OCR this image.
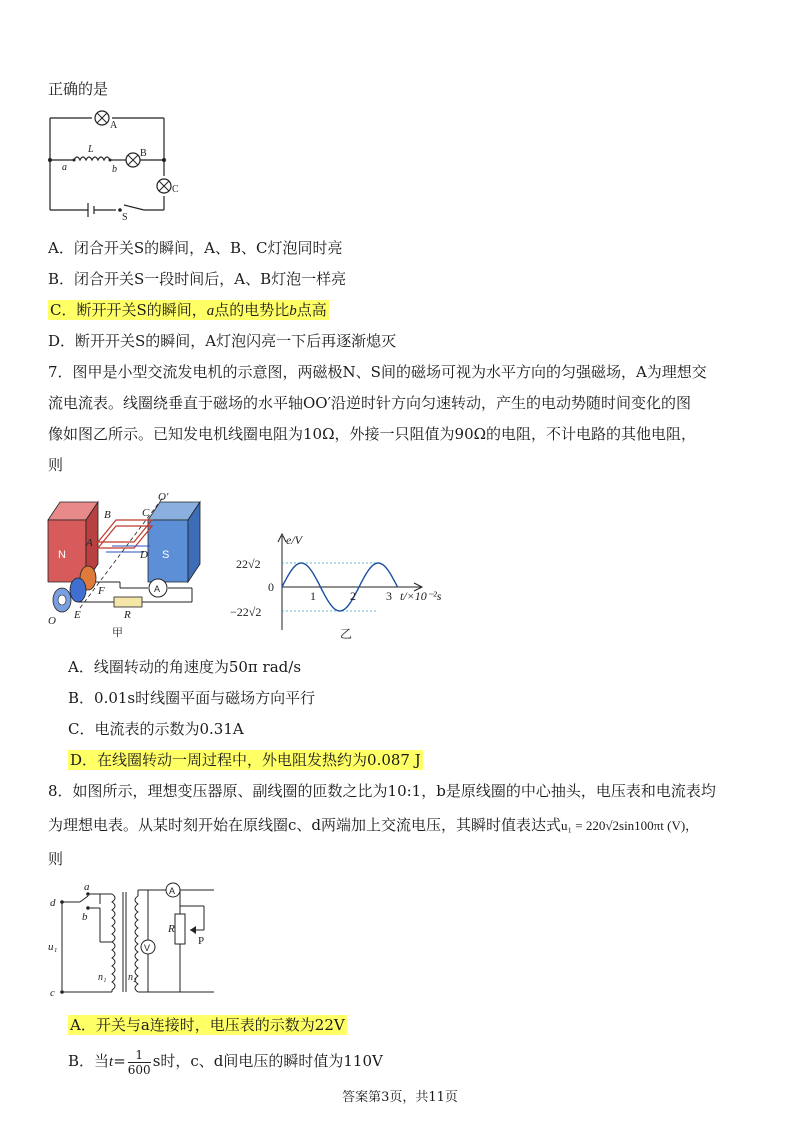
正确的是
A
B
C
L
a	b
S
A．闭合开关S的瞬间，A、B、C灯泡同时亮
B．闭合开关S一段时间后，A、B灯泡一样亮
C．断开开关S的瞬间，a点的电势比b点高
D．断开开关S的瞬间，A灯泡闪亮一下后再逐渐熄灭
7．图甲是小型交流发电机的示意图，两磁极N、S间的磁场可视为水平方向的匀强磁场，A为理想交
流电流表。线圈绕垂直于磁场的水平轴OO′沿逆时针方向匀速转动，产生的电动势随时间变化的图
像如图乙所示。已知发电机线圈电阻为10Ω，外接一只阻值为90Ω的电阻，不计电路的其他电阻，
则
N	S
A
B	C
A
D
F
E
O
O′
R
甲
e/V
22√2
0
−22√2
1	2	3 t/×10⁻²s
乙
A．线圈转动的角速度为50π rad/s
B．0.01s时线圈平面与磁场方向平行
C．电流表的示数为0.31A
D．在线圈转动一周过程中，外电阻发热约为0.087 J
8．如图所示，理想变压器原、副线圈的匝数之比为10:1，b是原线圈的中心抽头，电压表和电流表均
为理想电表。从某时刻开始在原线圈c、d两端加上交流电压，其瞬时值表达式u₁ = 220√2sin100πt (V)，
则
a
b
d
c
u₁
n₁ n₂
R
P
A
V
A．开关与a连接时，电压表的示数为22V
B．当$t= \frac{1}{600}$ s时，c、d间电压的瞬时值为110V
答案第3页，共11页
